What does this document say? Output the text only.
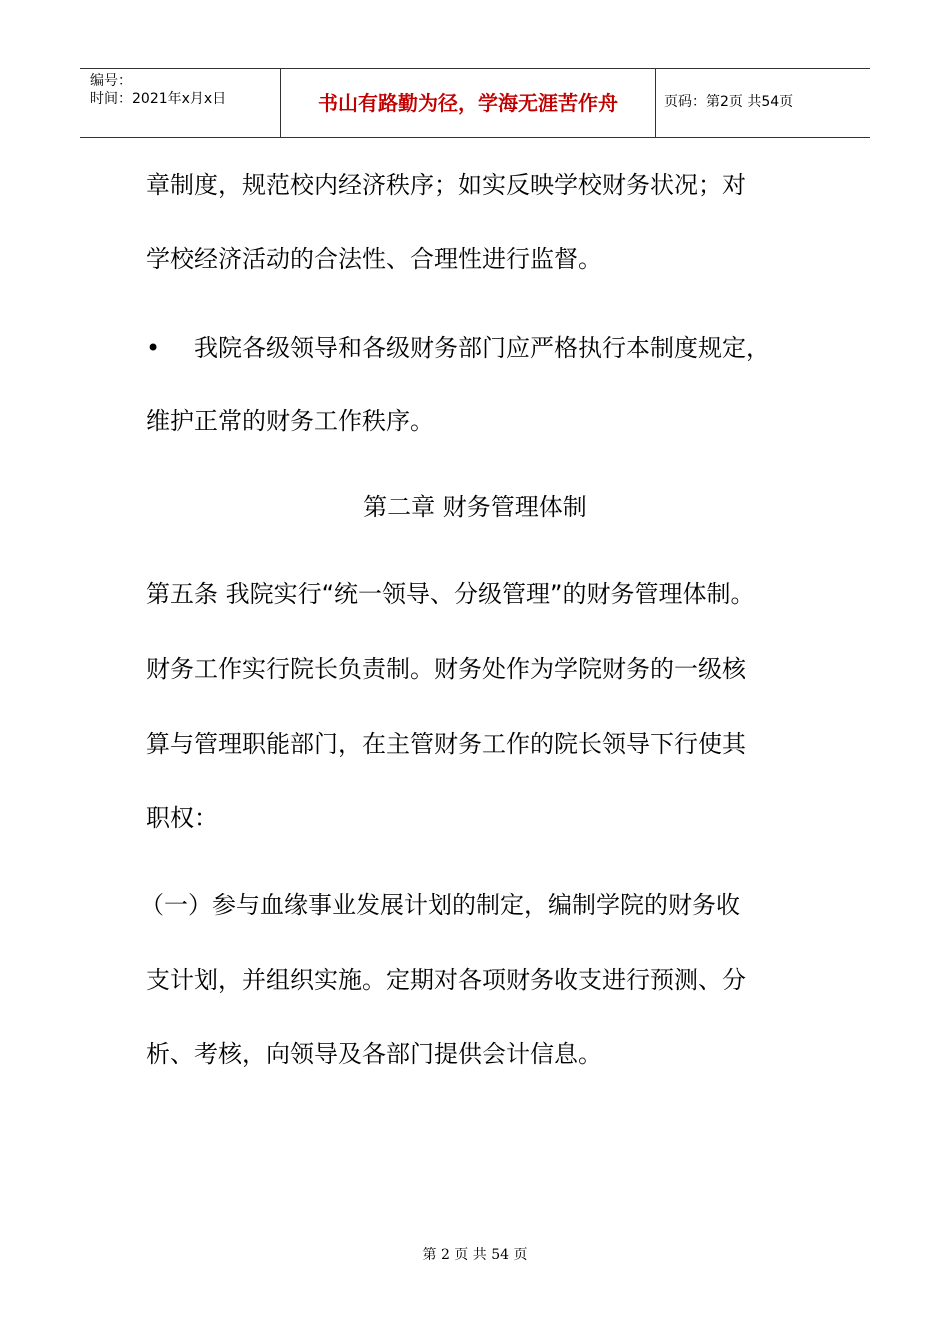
编号：
时间：2021年x月x日	书山有路勤为径，学海无涯苦作舟	页码：第2页 共54页
章制度，规范校内经济秩序；如实反映学校财务状况；对
学校经济活动的合法性、合理性进行监督。
• 我院各级领导和各级财务部门应严格执行本制度规定，
维护正常的财务工作秩序。
第二章 财务管理体制
第五条 我院实行“统一领导、分级管理”的财务管理体制。
财务工作实行院长负责制。财务处作为学院财务的一级核
算与管理职能部门，在主管财务工作的院长领导下行使其
职权：
（一）参与血缘事业发展计划的制定，编制学院的财务收
支计划，并组织实施。定期对各项财务收支进行预测、分
析、考核，向领导及各部门提供会计信息。
第 2 页 共 54 页
